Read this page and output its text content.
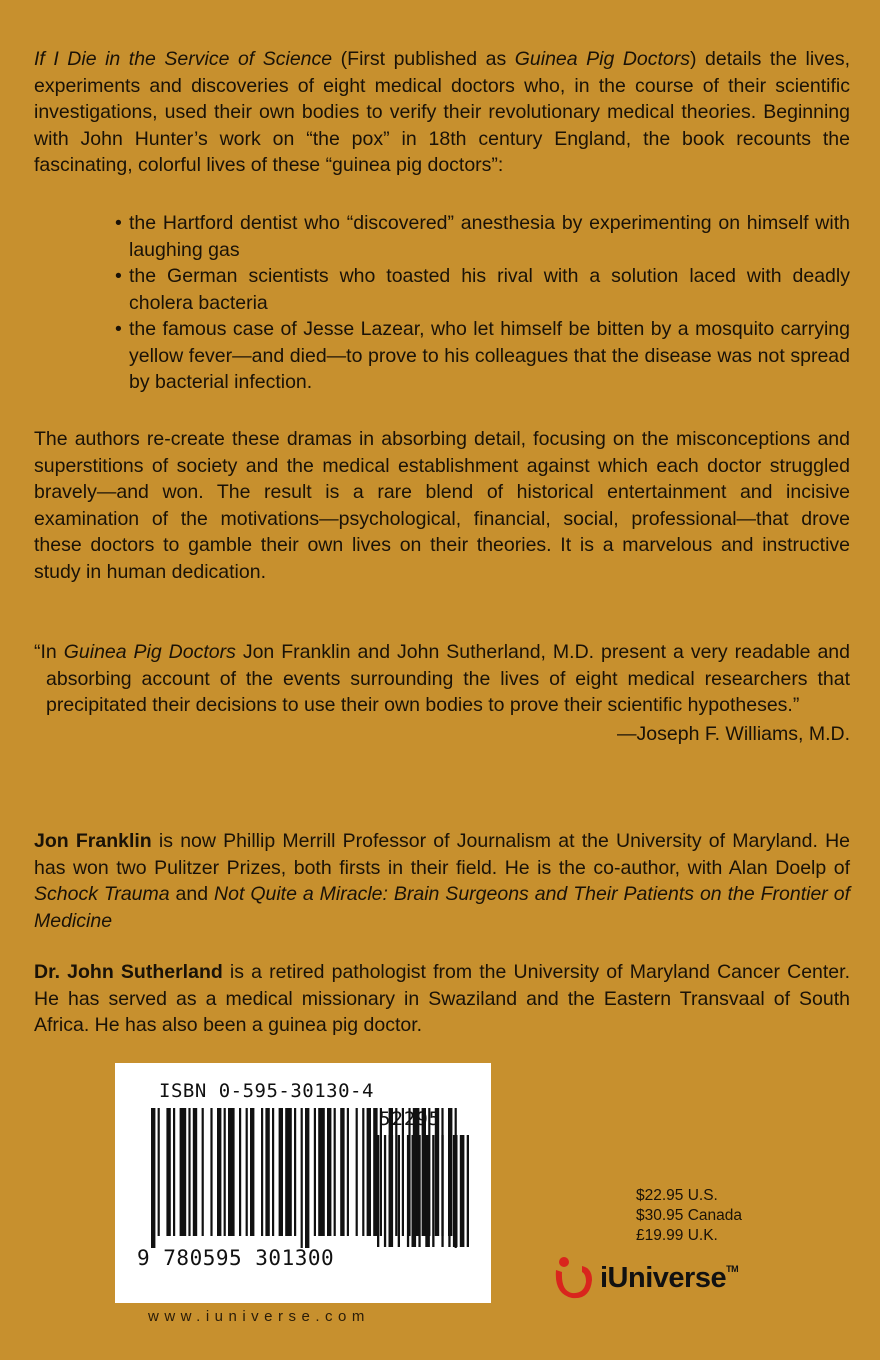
If I Die in the Service of Science (First published as Guinea Pig Doctors) details the lives, experiments and discoveries of eight medical doctors who, in the course of their scientific investigations, used their own bodies to verify their revolutionary medical theories. Beginning with John Hunter’s work on “the pox” in 18th century England, the book recounts the fascinating, colorful lives of these “guinea pig doctors”:
• the Hartford dentist who “discovered” anesthesia by experimenting on himself with laughing gas
• the German scientists who toasted his rival with a solution laced with deadly cholera bacteria
• the famous case of Jesse Lazear, who let himself be bitten by a mosquito carrying yellow fever—and died—to prove to his colleagues that the disease was not spread by bacterial infection.
The authors re-create these dramas in absorbing detail, focusing on the misconceptions and superstitions of society and the medical establishment against which each doctor struggled bravely—and won. The result is a rare blend of historical entertainment and incisive examination of the motivations—psychological, financial, social, professional—that drove these doctors to gamble their own lives on their theories. It is a marvelous and instructive study in human dedication.
“In Guinea Pig Doctors Jon Franklin and John Sutherland, M.D. present a very readable and absorbing account of the events surrounding the lives of eight medical researchers that precipitated their decisions to use their own bodies to prove their scientific hypotheses.”
—Joseph F. Williams, M.D.
Jon Franklin is now Phillip Merrill Professor of Journalism at the University of Maryland. He has won two Pulitzer Prizes, both firsts in their field. He is the co-author, with Alan Doelp of Schock Trauma and Not Quite a Miracle: Brain Surgeons and Their Patients on the Frontier of Medicine
Dr. John Sutherland is a retired pathologist from the University of Maryland Cancer Center. He has served as a medical missionary in Swaziland and the Eastern Transvaal of South Africa. He has also been a guinea pig doctor.
ISBN 0-595-30130-4
52295
9 780595 301300
www.iuniverse.com
$22.95 U.S.
$30.95 Canada
£19.99 U.K.
iUniverse™
